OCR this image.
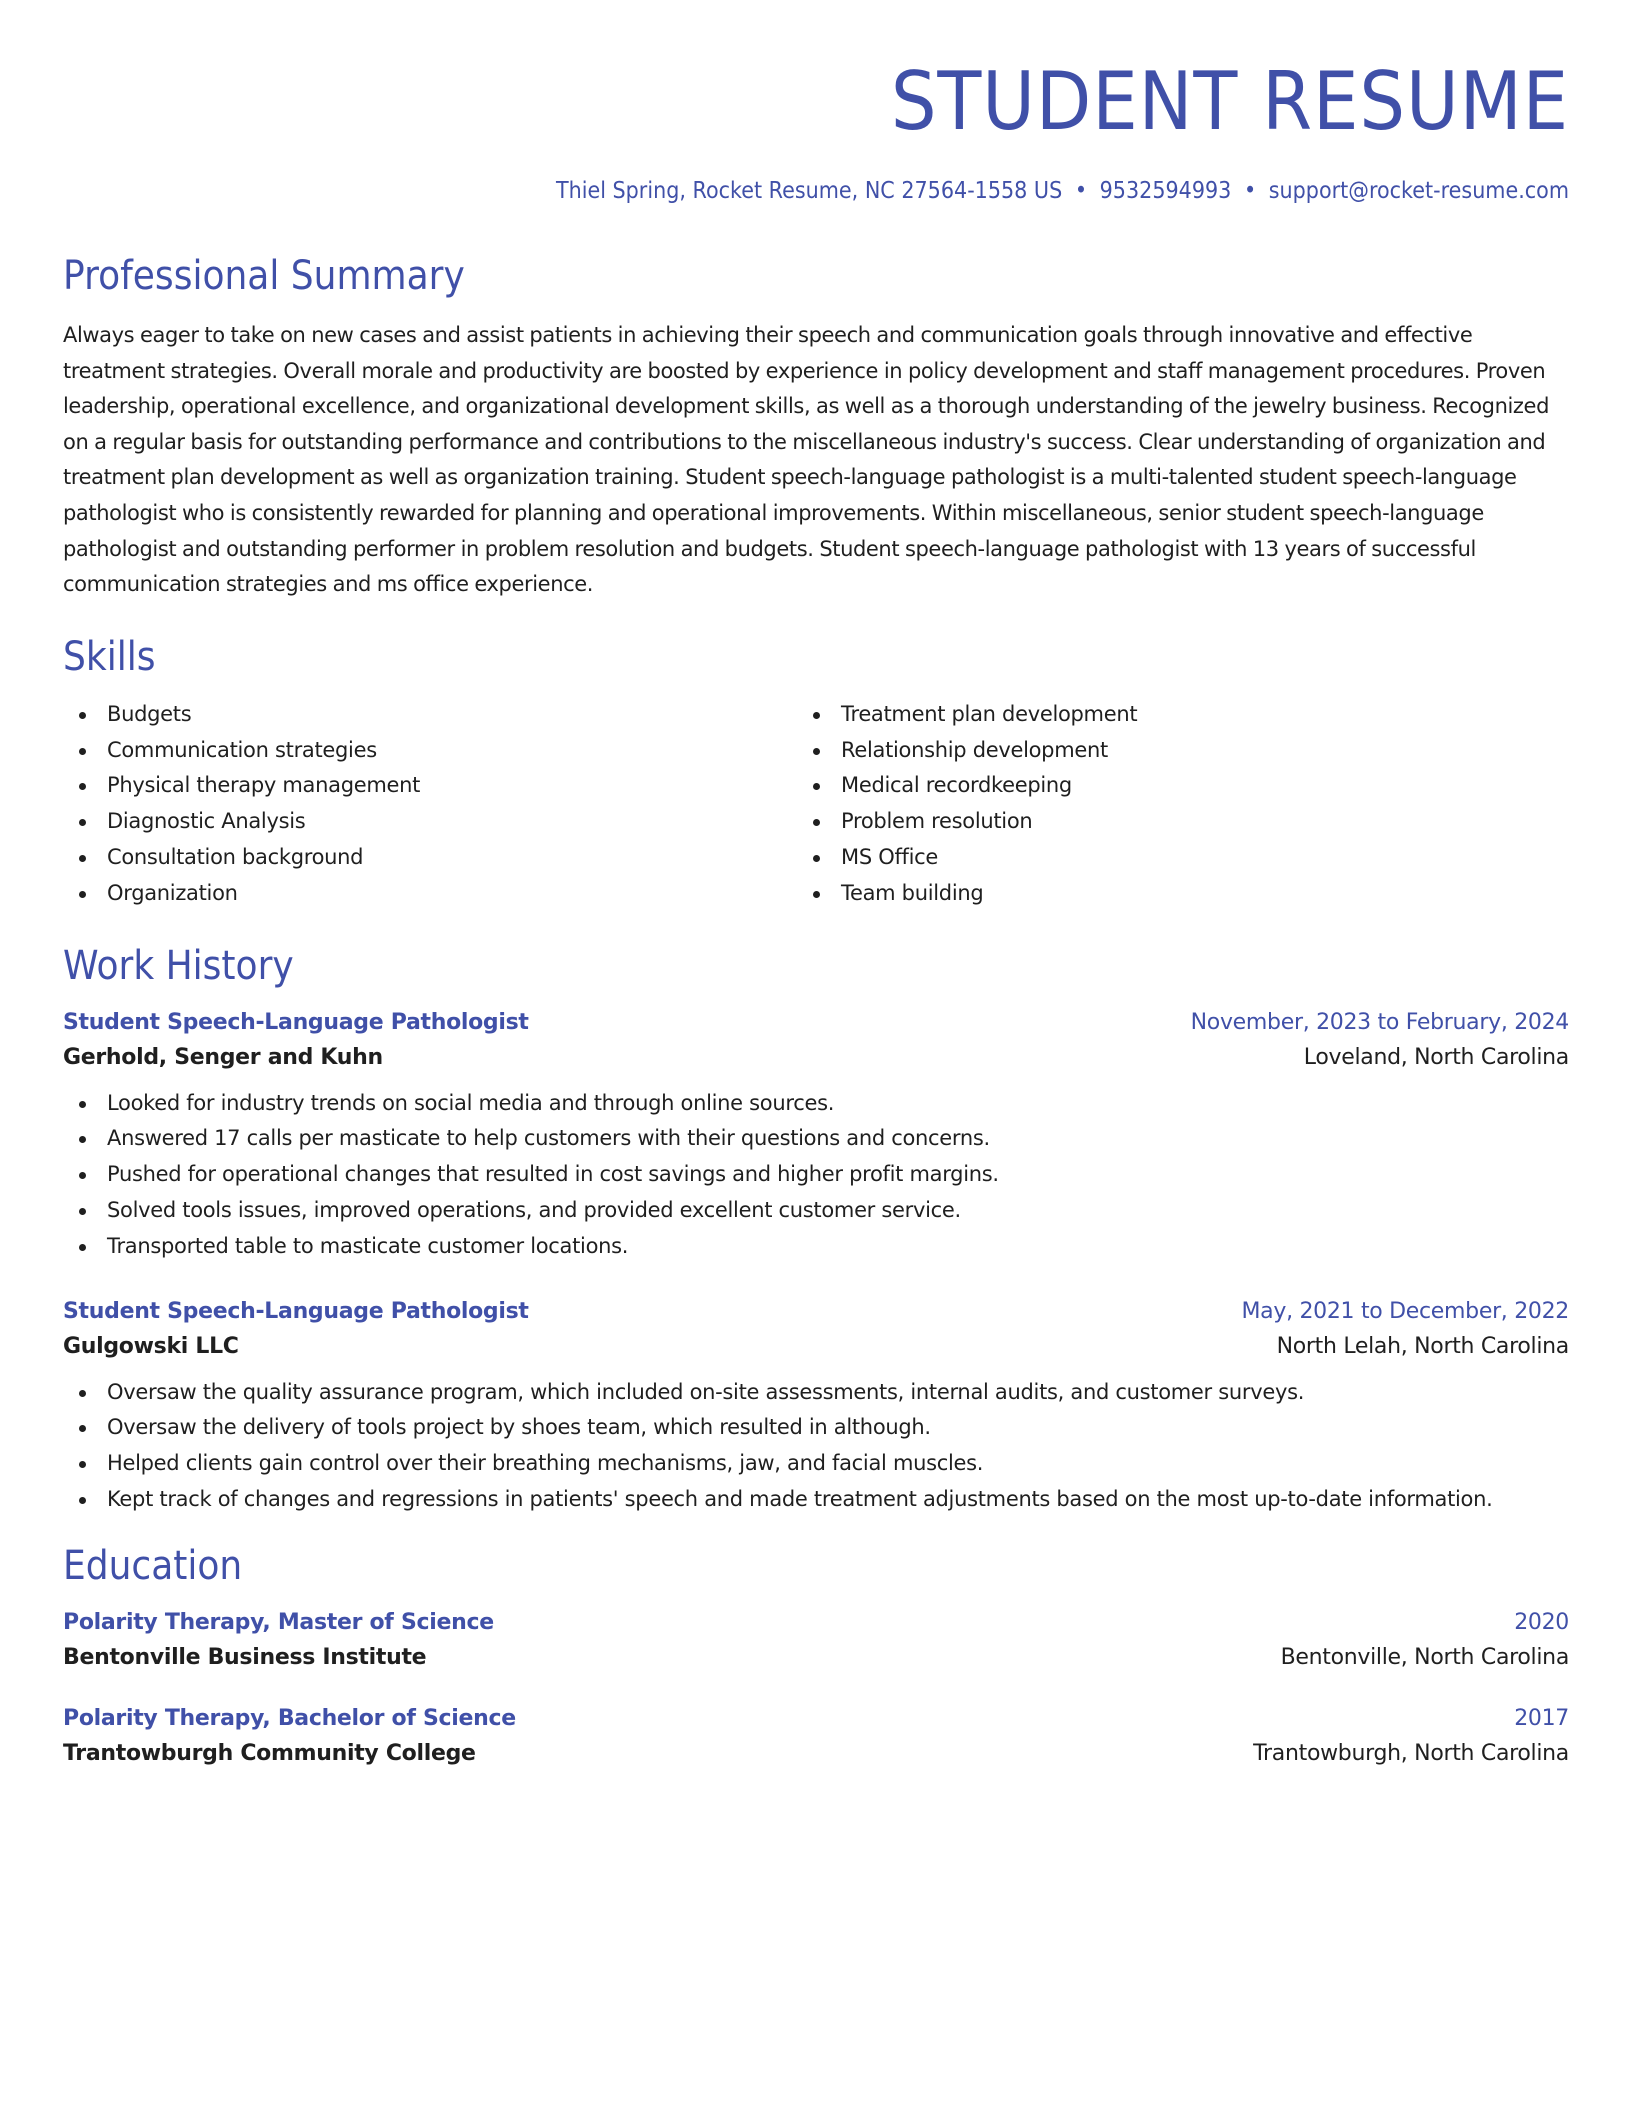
STUDENT RESUME
Thiel Spring, Rocket Resume, NC 27564-1558 US • 9532594993 • support@rocket-resume.com
Professional Summary
Always eager to take on new cases and assist patients in achieving their speech and communication goals through innovative and effective treatment strategies. Overall morale and productivity are boosted by experience in policy development and staff management procedures. Proven leadership, operational excellence, and organizational development skills, as well as a thorough understanding of the jewelry business. Recognized on a regular basis for outstanding performance and contributions to the miscellaneous industry's success. Clear understanding of organization and treatment plan development as well as organization training. Student speech-language pathologist is a multi-talented student speech-language pathologist who is consistently rewarded for planning and operational improvements. Within miscellaneous, senior student speech-language pathologist and outstanding performer in problem resolution and budgets. Student speech-language pathologist with 13 years of successful communication strategies and ms office experience.
Skills
Budgets
Communication strategies
Physical therapy management
Diagnostic Analysis
Consultation background
Organization
Treatment plan development
Relationship development
Medical recordkeeping
Problem resolution
MS Office
Team building
Work History
Student Speech-Language Pathologist	November, 2023 to February, 2024
Gerhold, Senger and Kuhn	Loveland, North Carolina
Looked for industry trends on social media and through online sources.
Answered 17 calls per masticate to help customers with their questions and concerns.
Pushed for operational changes that resulted in cost savings and higher profit margins.
Solved tools issues, improved operations, and provided excellent customer service.
Transported table to masticate customer locations.
Student Speech-Language Pathologist	May, 2021 to December, 2022
Gulgowski LLC	North Lelah, North Carolina
Oversaw the quality assurance program, which included on-site assessments, internal audits, and customer surveys.
Oversaw the delivery of tools project by shoes team, which resulted in although.
Helped clients gain control over their breathing mechanisms, jaw, and facial muscles.
Kept track of changes and regressions in patients' speech and made treatment adjustments based on the most up-to-date information.
Education
Polarity Therapy, Master of Science	2020
Bentonville Business Institute	Bentonville, North Carolina
Polarity Therapy, Bachelor of Science	2017
Trantowburgh Community College	Trantowburgh, North Carolina
